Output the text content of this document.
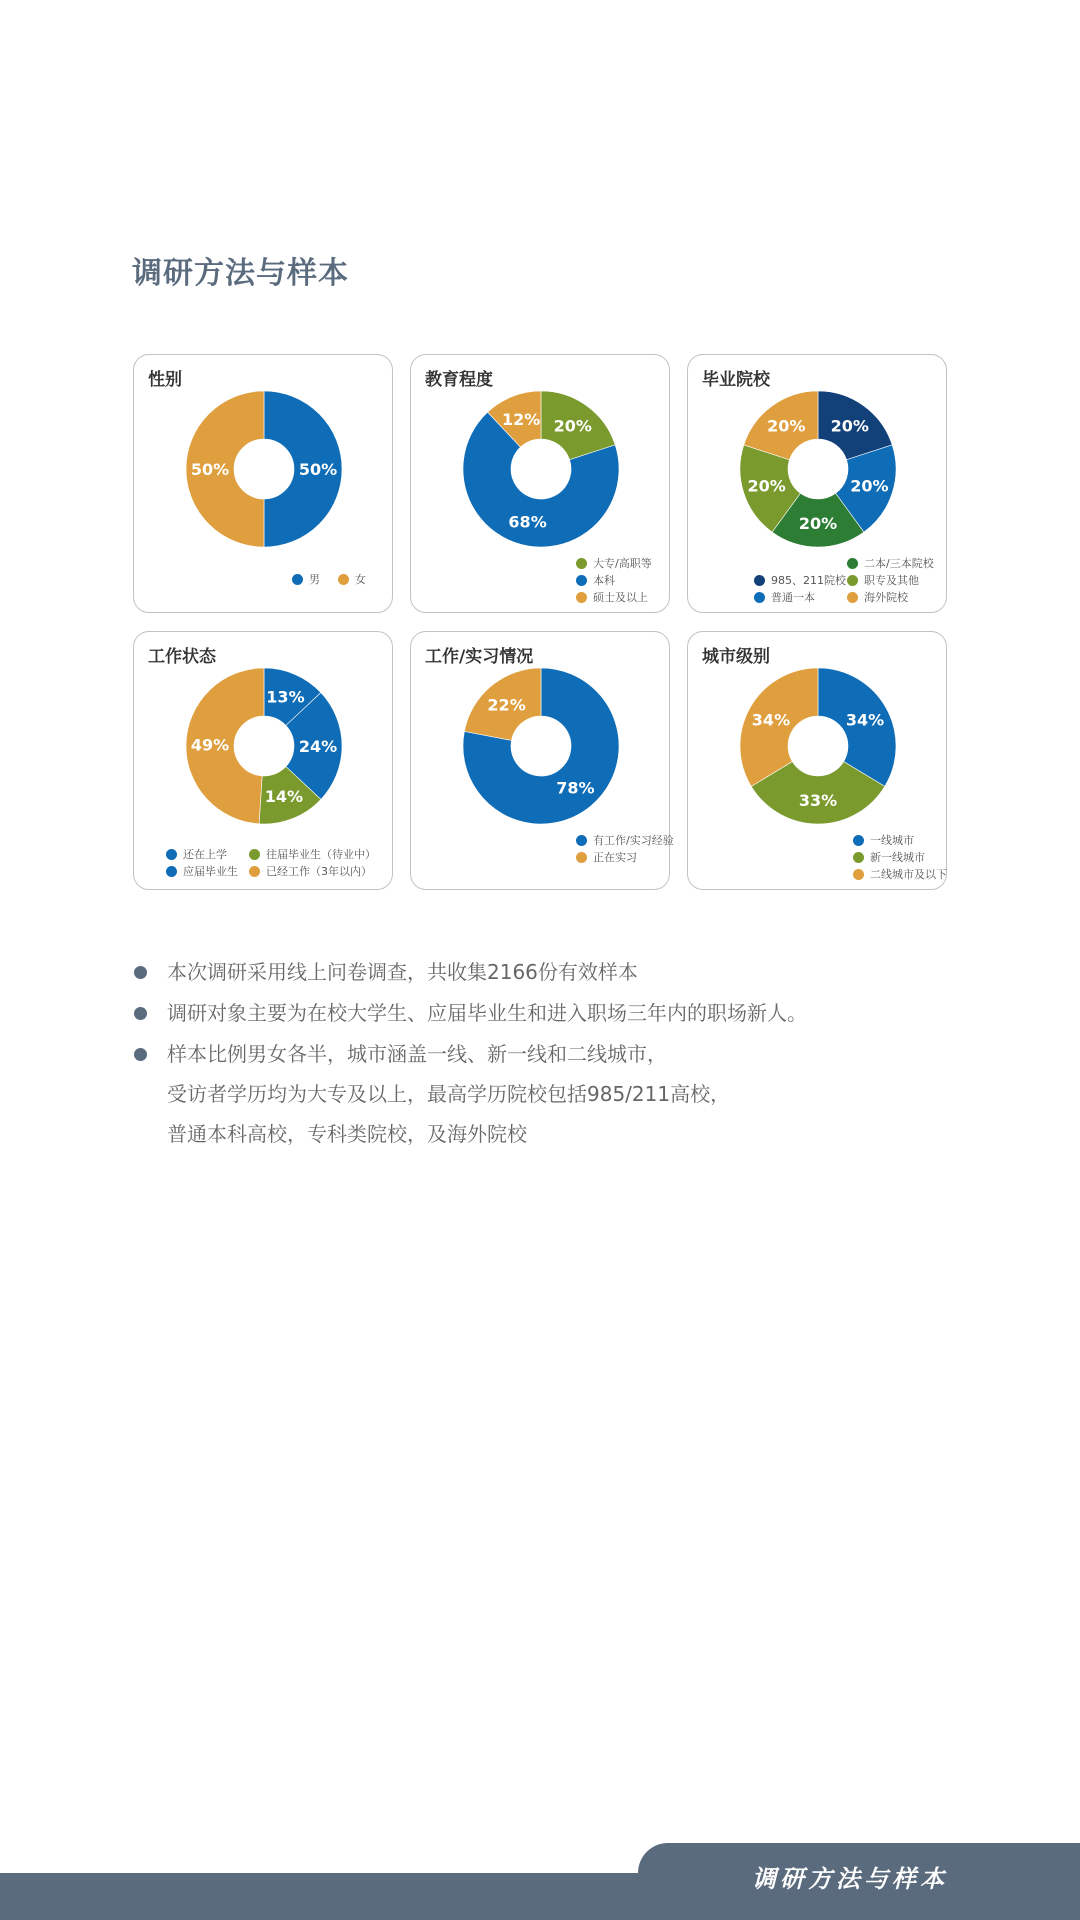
调研方法与样本
性别
50%
50%
男	女
教育程度
20%
68%
12%
大专/高职等
本科
硕士及以上
毕业院校
20%
20%
20%
20%
20%
二本/三本院校
985、211院校 职专及其他
普通一本	海外院校
工作状态
13%
24%
14%
49%
还在上学	往届毕业生（待业中）
应届毕业生	已经工作（3年以内）
工作/实习情况
78%
22%
有工作/实习经验
正在实习
城市级别
34%
33%
34%
一线城市
新一线城市
二线城市及以下
本次调研采用线上问卷调查，共收集2166份有效样本
调研对象主要为在校大学生、应届毕业生和进入职场三年内的职场新人。
样本比例男女各半，城市涵盖一线、新一线和二线城市，
受访者学历均为大专及以上，最高学历院校包括985/211高校，
普通本科高校，专科类院校，及海外院校
调研方法与样本
